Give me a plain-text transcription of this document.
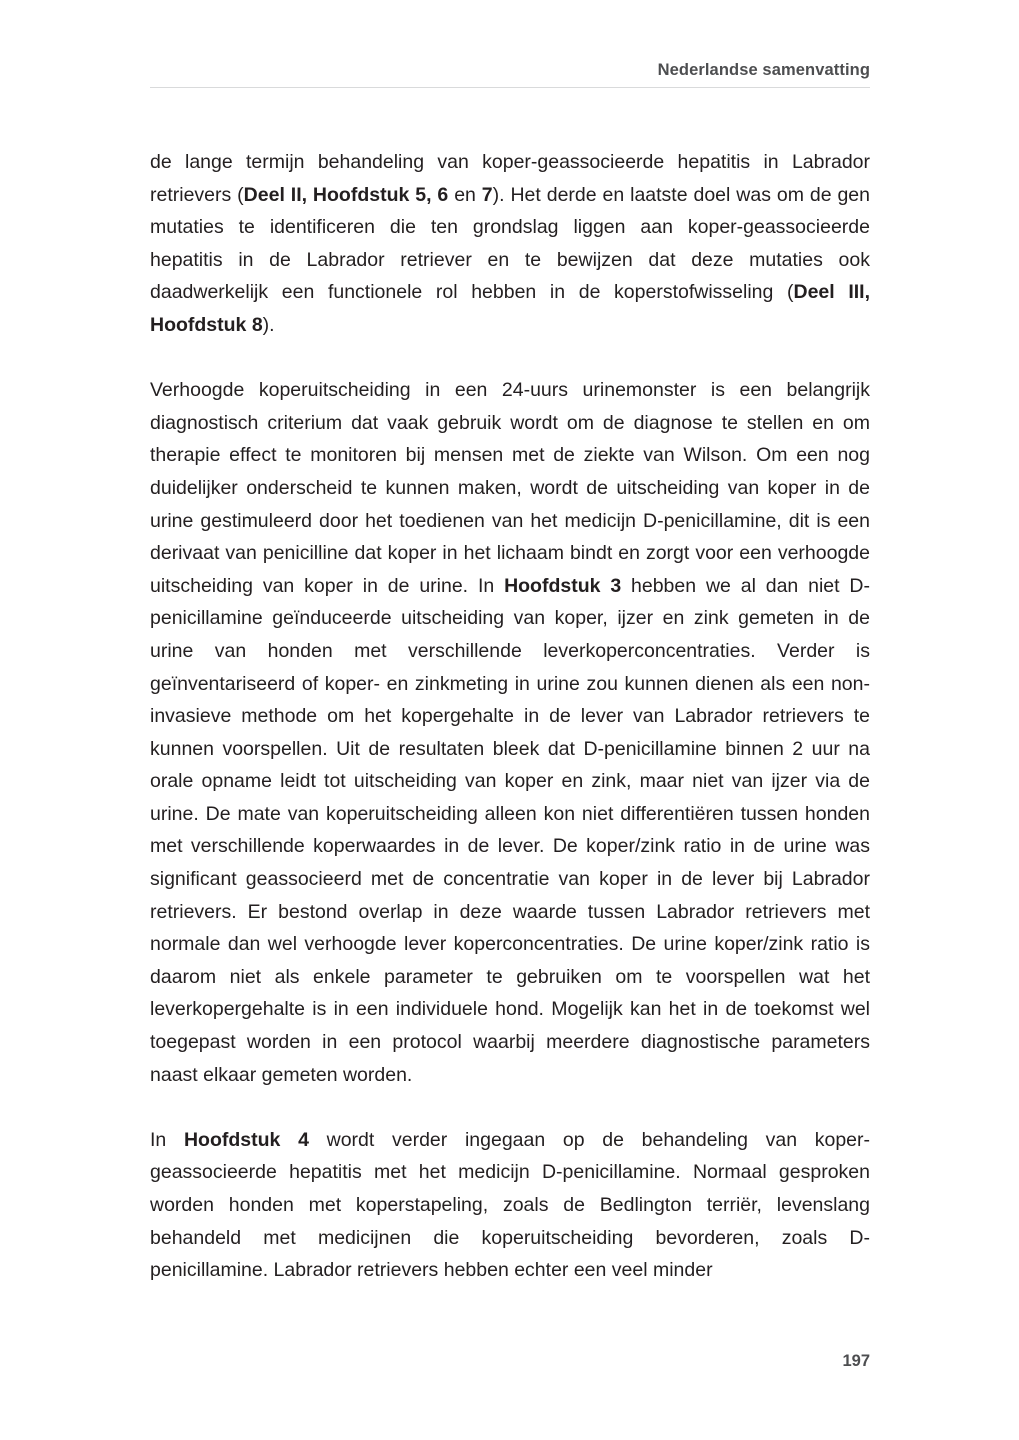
Nederlandse samenvatting

de lange termijn behandeling van koper-geassocieerde hepatitis in Labrador retrievers (Deel II, Hoofdstuk 5, 6 en 7). Het derde en laatste doel was om de gen mutaties te identificeren die ten grondslag liggen aan koper-geassocieerde hepatitis in de Labrador retriever en te bewijzen dat deze mutaties ook daadwerkelijk een functionele rol hebben in de koperstofwisseling (Deel III, Hoofdstuk 8).

Verhoogde koperuitscheiding in een 24-uurs urinemonster is een belangrijk diagnostisch criterium dat vaak gebruik wordt om de diagnose te stellen en om therapie effect te monitoren bij mensen met de ziekte van Wilson. Om een nog duidelijker onderscheid te kunnen maken, wordt de uitscheiding van koper in de urine gestimuleerd door het toedienen van het medicijn D-penicillamine, dit is een derivaat van penicilline dat koper in het lichaam bindt en zorgt voor een verhoogde uitscheiding van koper in de urine. In Hoofdstuk 3 hebben we al dan niet D-penicillamine geïnduceerde uitscheiding van koper, ijzer en zink gemeten in de urine van honden met verschillende leverkoperconcentraties. Verder is geïnventariseerd of koper- en zinkmeting in urine zou kunnen dienen als een non-invasieve methode om het kopergehalte in de lever van Labrador retrievers te kunnen voorspellen. Uit de resultaten bleek dat D-penicillamine binnen 2 uur na orale opname leidt tot uitscheiding van koper en zink, maar niet van ijzer via de urine. De mate van koperuitscheiding alleen kon niet differentiëren tussen honden met verschillende koperwaardes in de lever. De koper/zink ratio in de urine was significant geassocieerd met de concentratie van koper in de lever bij Labrador retrievers. Er bestond overlap in deze waarde tussen Labrador retrievers met normale dan wel verhoogde lever koperconcentraties. De urine koper/zink ratio is daarom niet als enkele parameter te gebruiken om te voorspellen wat het leverkopergehalte is in een individuele hond. Mogelijk kan het in de toekomst wel toegepast worden in een protocol waarbij meerdere diagnostische parameters naast elkaar gemeten worden.

In Hoofdstuk 4 wordt verder ingegaan op de behandeling van koper-geassocieerde hepatitis met het medicijn D-penicillamine. Normaal gesproken worden honden met koperstapeling, zoals de Bedlington terriër, levenslang behandeld met medicijnen die koperuitscheiding bevorderen, zoals D-penicillamine. Labrador retrievers hebben echter een veel minder

197
